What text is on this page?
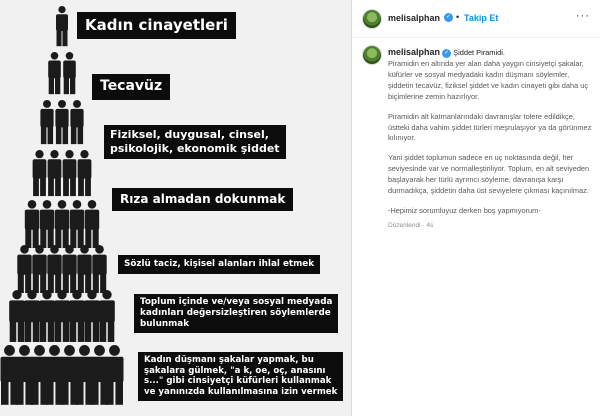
Kadın cinayetleri
Tecavüz
Fiziksel, duygusal, cinsel,
psikolojik, ekonomik şiddet
Rıza almadan dokunmak
Sözlü taciz, kişisel alanları ihlal etmek
Toplum içinde ve/veya sosyal medyada
kadınları değersizleştiren söylemlerde
bulunmak
Kadın düşmanı şakalar yapmak, bu
şakalara gülmek, "a k, oe, oç, anasını
s..." gibi cinsiyetçi küfürleri kullanmak
ve yanınızda kullanılmasına izin vermek
melisalphan ✓ • Takip Et	···

melisalphan ✓ Şiddet Piramidi.

Piramidin en altında yer alan daha yaygın cinsiyetçi şakalar, küfürler ve sosyal medyadaki kadın düşmanı söylemler, şiddetin tecavüz, fiziksel şiddet ve kadın cinayeti gibi daha uç biçimlerine zemin hazırlıyor.

Piramidin alt katmanlarındaki davranışlar tolere edildikçe, üstteki daha vahim şiddet türleri meşrulaşıyor ya da görünmez kılınıyor.

Yani şiddet toplumun sadece en uç noktasında değil, her seviyesinde var ve normalleştiriliyor. Toplum, en alt seviyeden başlayarak her türlü ayrımcı söyleme, davranışa karşı durmadıkça, şiddetin daha üst seviyelere çıkması kaçınılmaz.

-Hepimiz sorumluyuz derken boş yapmıyorum-

Düzenlendi · 4s
